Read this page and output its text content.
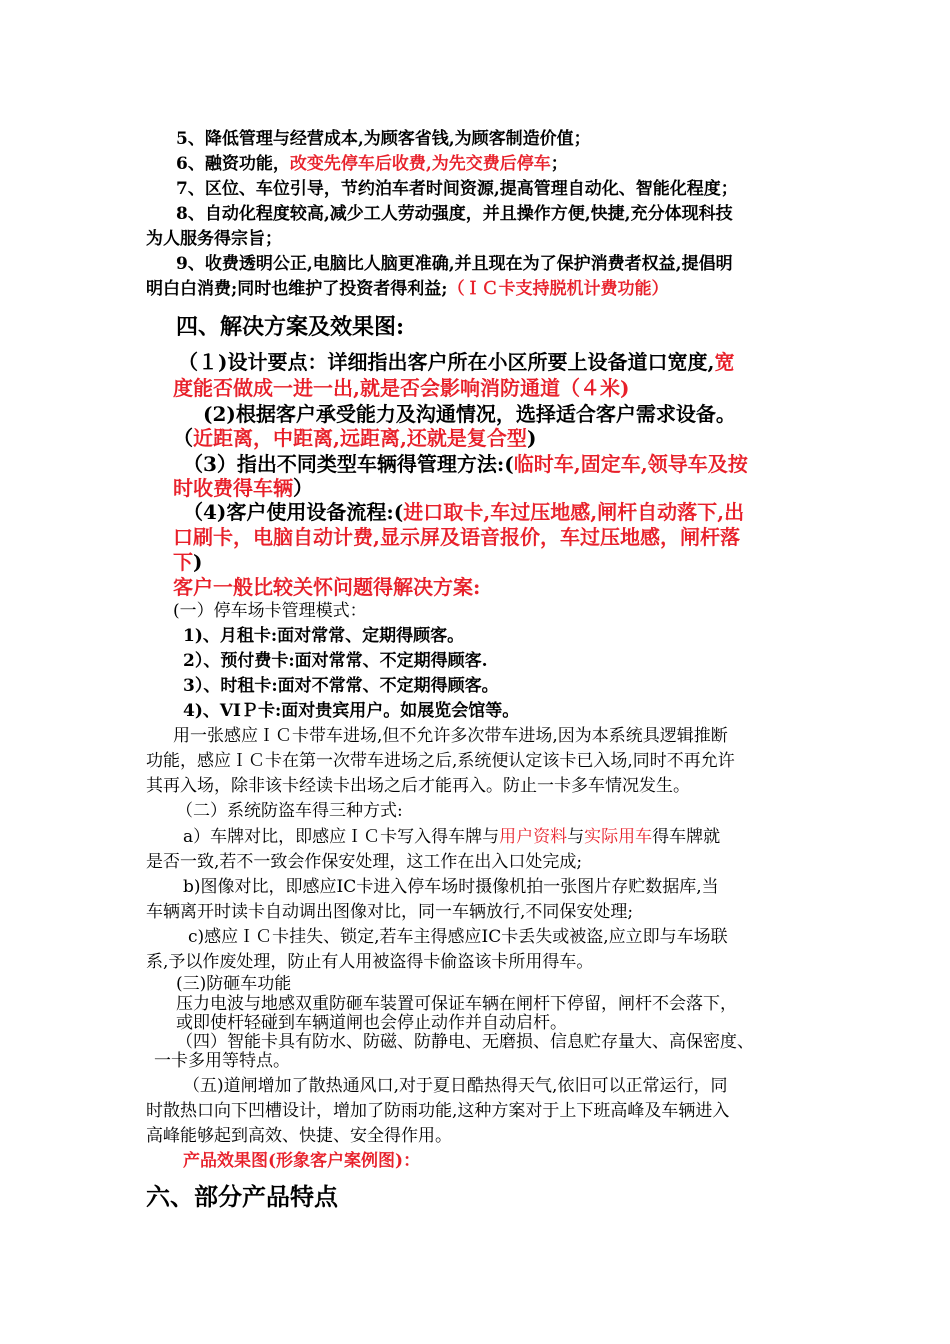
5、降低管理与经营成本,为顾客省钱,为顾客制造价值；
6、融资功能，改变先停车后收费,为先交费后停车；
7、区位、车位引导，节约泊车者时间资源,提高管理自动化、智能化程度；
8、自动化程度较高,减少工人劳动强度，并且操作方便,快捷,充分体现科技
为人服务得宗旨；
9、收费透明公正,电脑比人脑更准确,并且现在为了保护消费者权益,提倡明
明白白消费;同时也维护了投资者得利益;（ＩＣ卡支持脱机计费功能）
四、解决方案及效果图:
（１)设计要点：详细指出客户所在小区所要上设备道口宽度,宽
度能否做成一进一出,就是否会影响消防通道（４米)
(2)根据客户承受能力及沟通情况，选择适合客户需求设备。
（近距离，中距离,远距离,还就是复合型)
（3）指出不同类型车辆得管理方法:(临时车,固定车,领导车及按
时收费得车辆）
（4)客户使用设备流程:(进口取卡,车过压地感,闸杆自动落下,出
口刷卡，电脑自动计费,显示屏及语音报价，车过压地感，闸杆落
下)
客户一般比较关怀问题得解决方案:
(一）停车场卡管理模式：
1)、月租卡:面对常常、定期得顾客。
2）、预付费卡:面对常常、不定期得顾客.
3）、时租卡:面对不常常、不定期得顾客。
4)、VIＰ卡:面对贵宾用户。如展览会馆等。
用一张感应ＩＣ卡带车进场,但不允许多次带车进场,因为本系统具逻辑推断
功能，感应ＩＣ卡在第一次带车进场之后,系统便认定该卡已入场,同时不再允许
其再入场，除非该卡经读卡出场之后才能再入。防止一卡多车情况发生。
（二）系统防盗车得三种方式:
a）车牌对比，即感应ＩＣ卡写入得车牌与用户资料与实际用车得车牌就
是否一致,若不一致会作保安处理，这工作在出入口处完成;
b)图像对比，即感应IC卡进入停车场时摄像机拍一张图片存贮数据库,当
车辆离开时读卡自动调出图像对比，同一车辆放行,不同保安处理;
c)感应ＩＣ卡挂失、锁定,若车主得感应IC卡丢失或被盗,应立即与车场联
系,予以作废处理，防止有人用被盗得卡偷盗该卡所用得车。
(三)防砸车功能
压力电波与地感双重防砸车装置可保证车辆在闸杆下停留，闸杆不会落下，
或即使杆轻碰到车辆道闸也会停止动作并自动启杆。
（四）智能卡具有防水、防磁、防静电、无磨损、信息贮存量大、高保密度、
一卡多用等特点。
（五)道闸增加了散热通风口,对于夏日酷热得天气,依旧可以正常运行，同
时散热口向下凹槽设计，增加了防雨功能,这种方案对于上下班高峰及车辆进入
高峰能够起到高效、快捷、安全得作用。
产品效果图(形象客户案例图)：
六、部分产品特点
